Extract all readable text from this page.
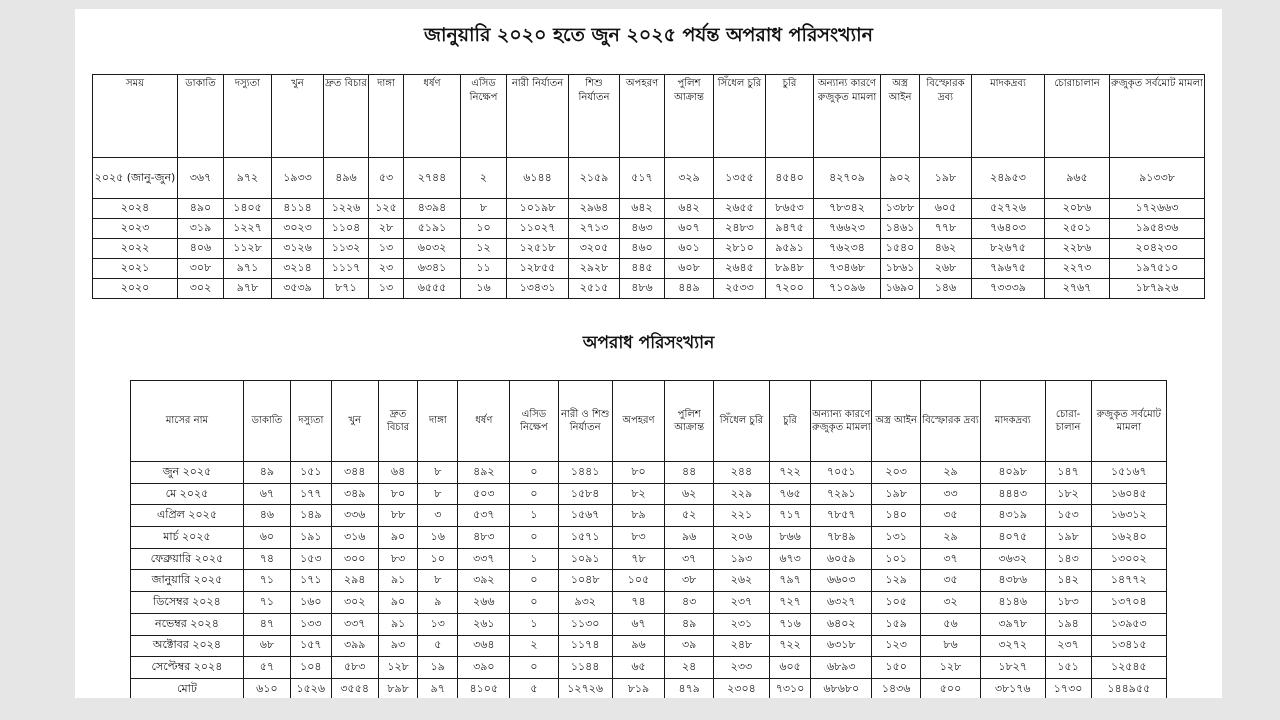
জানুয়ারি ২০২০ হতে জুন ২০২৫ পর্যন্ত অপরাধ পরিসংখ্যান
সময়	ডাকাতি	দস্যুতা	খুন	দ্রুত বিচার	দাঙ্গা	ধর্ষণ	এসিড নিক্ষেপ	নারী নির্যাতন	শিশু নির্যাতন	অপহরণ	পুলিশ আক্রান্ত	সিঁধেল চুরি	চুরি	অন্যান্য কারণে রুজুকৃত মামলা	অস্ত্র আইন	বিস্ফোরক দ্রব্য	মাদকদ্রব্য	চোরাচালান	রুজুকৃত সর্বমোট মামলা
২০২৫ (জানু-জুন)	৩৬৭	৯৭২	১৯৩৩	৪৯৬	৫৩	২৭৪৪	২	৬১৪৪	২১৫৯	৫১৭	৩২৯	১৩৫৫	৪৫৪০	৪২৭০৯	৯০২	১৯৮	২৪৯৫৩	৯৬৫	৯১৩৩৮
২০২৪	৪৯০	১৪০৫	৪১১৪	১২২৬	১২৫	৪৩৯৪	৮	১০১৯৮	২৯৬৪	৬৪২	৬৪২	২৬৫৫	৮৬৫৩	৭৮৩৪২	১৩৮৮	৬০৫	৫২৭২৬	২০৮৬	১৭২৬৬৩
২০২৩	৩১৯	১২২৭	৩০২৩	১১০৪	২৮	৫১৯১	১০	১১০২৭	২৭১৩	৪৬৩	৬০৭	২৪৮৩	৯৪৭৫	৭৬৬২৩	১৪৬১	৭৭৮	৭৬৪০৩	২৫০১	১৯৫৪৩৬
২০২২	৪০৬	১১২৮	৩১২৬	১১৩২	১৩	৬০৩২	১২	১২৫১৮	৩২০৫	৪৬০	৬০১	২৮১০	৯৫৯১	৭৬২৩৪	১৫৪০	৪৬২	৮২৬৭৫	২২৮৬	২০৪২৩০
২০২১	৩০৮	৯৭১	৩২১৪	১১১৭	২৩	৬৩৪১	১১	১২৮৫৫	২৯২৮	৪৪৫	৬০৮	২৬৪৫	৮৯৪৮	৭৩৪৬৮	১৮৬১	২৬৮	৭৯৬৭৫	২২৭৩	১৯৭৫১০
২০২০	৩০২	৯৭৮	৩৫৩৯	৮৭১	১৩	৬৫৫৫	১৬	১৩৪৩১	২৫১৫	৪৮৬	৪৪৯	২৫৩৩	৭২০০	৭১০৯৬	১৬৯০	১৪৬	৭৩৩৩৯	২৭৬৭	১৮৭৯২৬
অপরাধ পরিসংখ্যান
মাসের নাম	ডাকাতি	দস্যুতা	খুন	দ্রুত বিচার	দাঙ্গা	ধর্ষণ	এসিড নিক্ষেপ	নারী ও শিশু নির্যাতন	অপহরণ	পুলিশ আক্রান্ত	সিঁধেল চুরি	চুরি	অন্যান্য কারণে রুজুকৃত মামলা	অস্ত্র আইন	বিস্ফোরক দ্রব্য	মাদকদ্রব্য	চোরা-চালান	রুজুকৃত সর্বমোট মামলা
জুন ২০২৫	৪৯	১৫১	৩৪৪	৬৪	৮	৪৯২	০	১৪৪১	৮০	৪৪	২৪৪	৭২২	৭০৫১	২০৩	২৯	৪০৯৮	১৪৭	১৫১৬৭
মে ২০২৫	৬৭	১৭৭	৩৪৯	৮০	৮	৫০৩	০	১৫৮৪	৮২	৬২	২২৯	৭৬৫	৭২৯১	১৯৮	৩৩	৪৪৪৩	১৮২	১৬০৪৫
এপ্রিল ২০২৫	৪৬	১৪৯	৩৩৬	৮৮	৩	৫৩৭	১	১৫৬৭	৮৯	৫২	২২১	৭১৭	৭৮৫৭	১৪০	৩৫	৪৩১৯	১৫৩	১৬৩১২
মার্চ ২০২৫	৬০	১৯১	৩১৬	৯০	১৬	৪৮৩	০	১৫৭১	৮৩	৯৬	২০৬	৮৬৬	৭৮৪৯	১৩১	২৯	৪০৭৫	১৯৮	১৬২৪০
ফেব্রুয়ারি ২০২৫	৭৪	১৫৩	৩০০	৮৩	১০	৩৩৭	১	১০৯১	৭৮	৩৭	১৯৩	৬৭৩	৬০৫৯	১০১	৩৭	৩৬৩২	১৪৩	১৩০০২
জানুয়ারি ২০২৫	৭১	১৭১	২৯৪	৯১	৮	৩৯২	০	১০৪৮	১০৫	৩৮	২৬২	৭৯৭	৬৬০৩	১২৯	৩৫	৪৩৮৬	১৪২	১৪৭৭২
ডিসেম্বর ২০২৪	৭১	১৬০	৩০২	৯০	৯	২৬৬	০	৯৩২	৭৪	৪৩	২৩৭	৭২৭	৬৩২৭	১০৫	৩২	৪১৪৬	১৮৩	১৩৭০৪
নভেম্বর ২০২৪	৪৭	১৩৩	৩৩৭	৯১	১৩	২৬১	১	১১৩০	৬৭	৪৯	২৩১	৭১৬	৬৪০২	১৫৯	৫৬	৩৯৭৮	১৯৪	১৩৯৫৩
অক্টোবর ২০২৪	৬৮	১৫৭	৩৯৯	৯৩	৫	৩৬৪	২	১১৭৪	৯৬	৩৯	২৪৮	৭২২	৬৩১৮	১২৩	৮৬	৩২৭২	২৩৭	১৩৪১৫
সেপ্টেম্বর ২০২৪	৫৭	১০৪	৫৮৩	১২৮	১৯	৩৯০	০	১১৪৪	৬৫	২৪	২৩৩	৬০৫	৬৮৯৩	১৫০	১২৮	১৮২৭	১৫১	১২৫৪৫
মোট	৬১০	১৫২৬	৩৫৫৪	৮৯৮	৯৭	৪১০৫	৫	১২৭২৬	৮১৯	৪৭৯	২৩০৪	৭৩১০	৬৮৬৮০	১৪৩৬	৫০০	৩৮১৭৬	১৭৩০	১৪৪৯৫৫
